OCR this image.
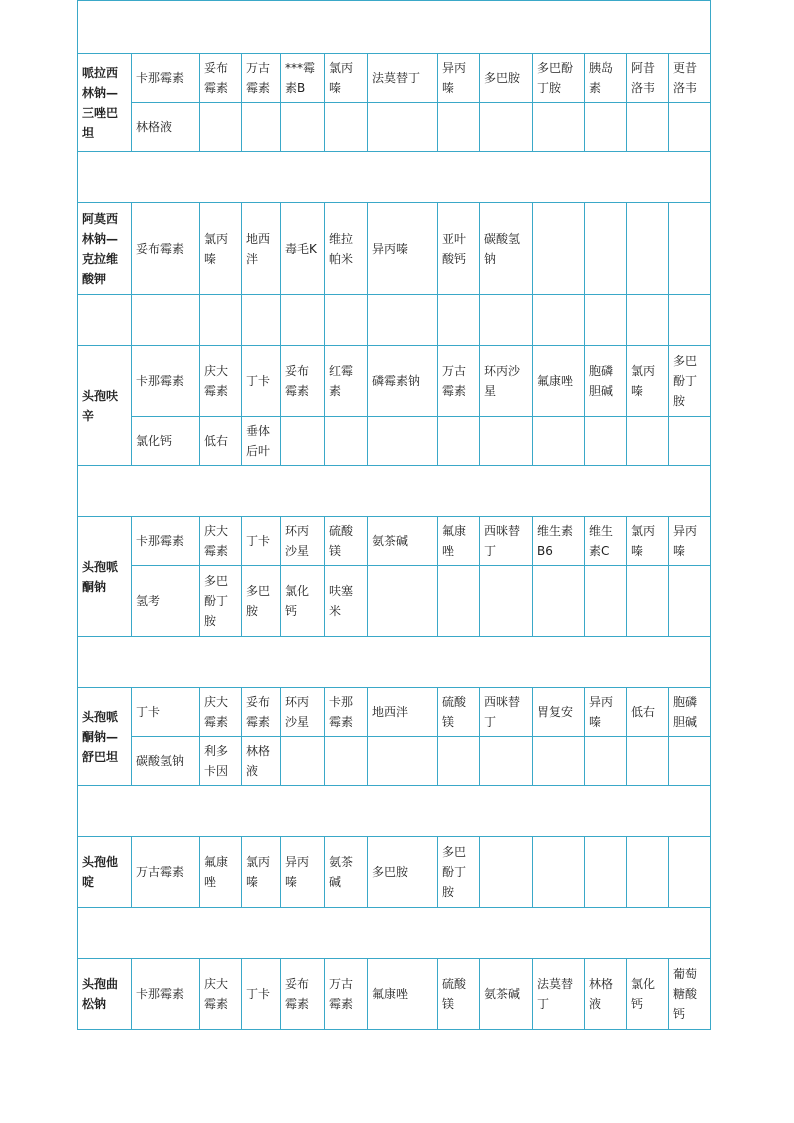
哌拉西林钠—三唑巴坦	卡那霉素	妥布霉素	万古霉素	***霉素B	氯丙嗪	法莫替丁	异丙嗪	多巴胺	多巴酚丁胺	胰岛素	阿昔洛韦	更昔洛韦
	林格液											

阿莫西林钠—克拉维酸钾	妥布霉素	氯丙嗪	地西泮	毒毛K	维拉帕米	异丙嗪	亚叶酸钙	碳酸氢钠				

头孢呋辛	卡那霉素	庆大霉素	丁卡	妥布霉素	红霉素	磷霉素钠	万古霉素	环丙沙星	氟康唑	胞磷胆碱	氯丙嗪	多巴酚丁胺
	氯化钙	低右	垂体后叶									

头孢哌酮钠	卡那霉素	庆大霉素	丁卡	环丙沙星	硫酸镁	氨茶碱	氟康唑	西咪替丁	维生素B6	维生素C	氯丙嗪	异丙嗪
	氢考	多巴酚丁胺	多巴胺	氯化钙	呋塞米							

头孢哌酮钠—舒巴坦	丁卡	庆大霉素	妥布霉素	环丙沙星	卡那霉素	地西泮	硫酸镁	西咪替丁	胃复安	异丙嗪	低右	胞磷胆碱
	碳酸氢钠	利多卡因	林格液									

头孢他啶	万古霉素	氟康唑	氯丙嗪	异丙嗪	氨茶碱	多巴胺	多巴酚丁胺					

头孢曲松钠	卡那霉素	庆大霉素	丁卡	妥布霉素	万古霉素	氟康唑	硫酸镁	氨茶碱	法莫替丁	林格液	氯化钙	葡萄糖酸钙
